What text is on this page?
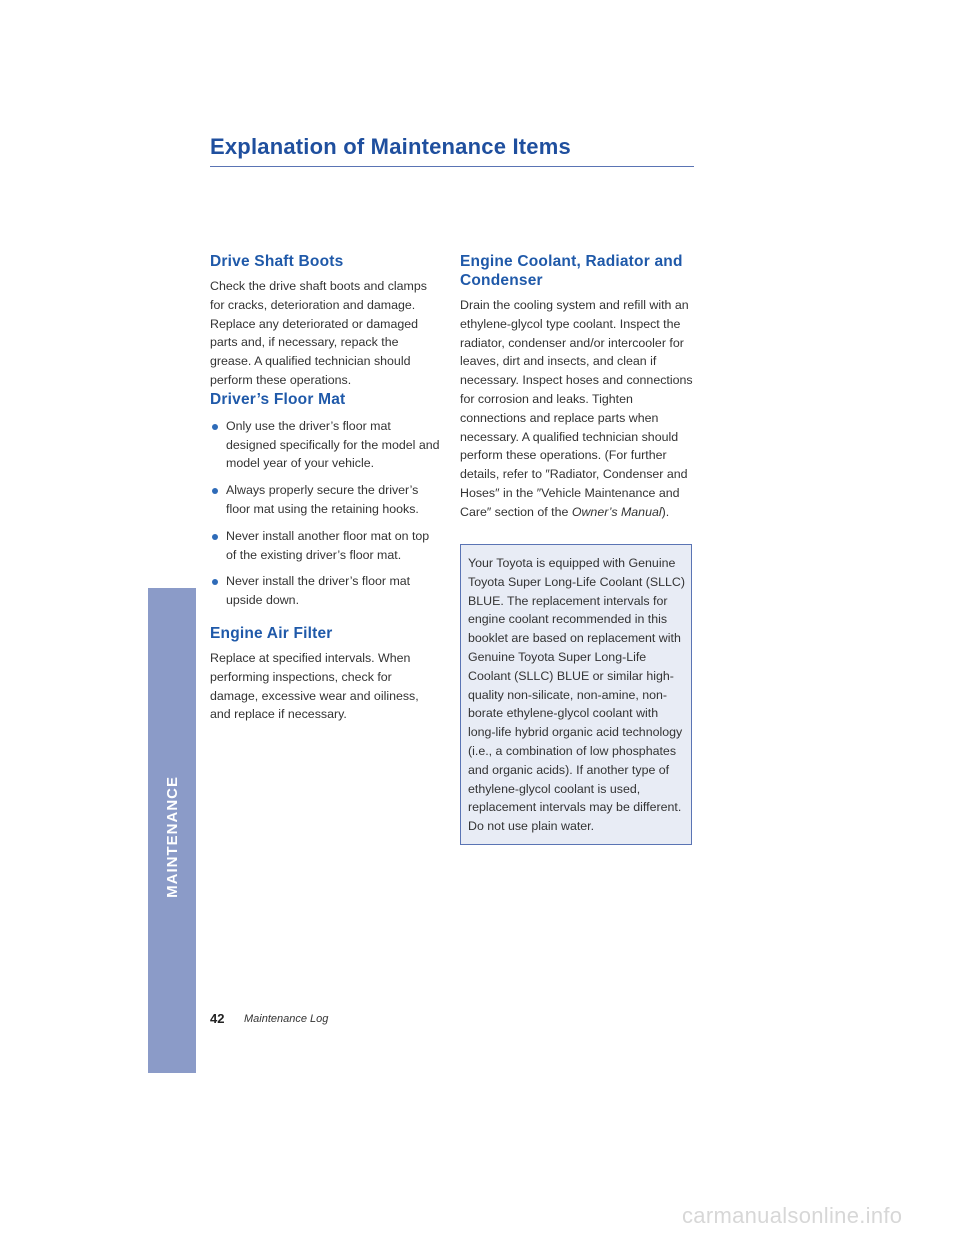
MAINTENANCE
Explanation of Maintenance Items
Drive Shaft Boots

Check the drive shaft boots and clamps for cracks, deterioration and damage. Replace any deteriorated or damaged parts and, if necessary, repack the grease. A qualified technician should perform these operations.

Driver’s Floor Mat
Only use the driver’s floor mat designed specifically for the model and model year of your vehicle.
Always properly secure the driver’s floor mat using the retaining hooks.
Never install another floor mat on top of the existing driver’s floor mat.
Never install the driver’s floor mat upside down.
Engine Air Filter

Replace at specified intervals. When performing inspections, check for damage, excessive wear and oiliness, and replace if necessary.

Engine Coolant, Radiator and Condenser

Drain the cooling system and refill with an ethylene-glycol type coolant. Inspect the radiator, condenser and/or intercooler for leaves, dirt and insects, and clean if necessary. Inspect hoses and connections for corrosion and leaks. Tighten connections and replace parts when necessary. A qualified technician should perform these operations. (For further details, refer to ″Radiator, Condenser and Hoses″ in the ″Vehicle Maintenance and Care″ section of the Owner’s Manual).

Your Toyota is equipped with Genuine Toyota Super Long-Life Coolant (SLLC) BLUE. The replacement intervals for engine coolant recommended in this booklet are based on replacement with Genuine Toyota Super Long-Life Coolant (SLLC) BLUE or similar high-quality non-silicate, non-amine, non-borate ethylene-glycol coolant with long-life hybrid organic acid technology (i.e., a combination of low phosphates and organic acids). If another type of ethylene-glycol coolant is used, replacement intervals may be different. Do not use plain water.
42 Maintenance Log
carmanualsonline.info
